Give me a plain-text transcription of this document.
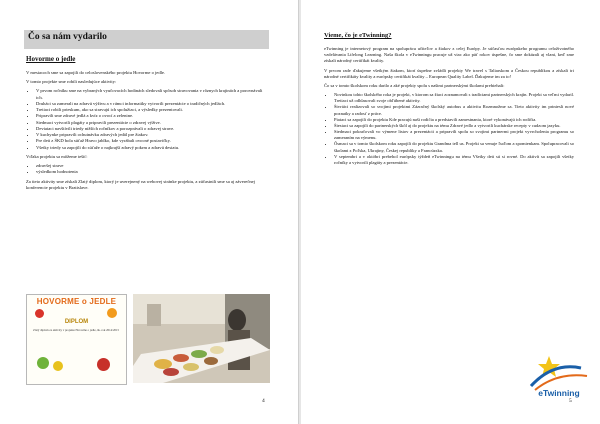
Čo sa nám vydarilo

Hovorme o jedle

V mesiacoch sme sa zapojili do celoslovenského projektu Hovorme o jedle.

V tomto projekte sme robili nasledujúce aktivity:

• V prvom ročníku sme na vybraných vyučovacích hodinách sledovali spôsob stravovania v rôznych krajinách a porovnávali ich.
• Druháci sa zamerali na zdravú výživu a v rámci informatiky vytvorili prezentácie o tradičných jedlách.
• Tretiaci robili prieskum, ako sa stravujú ich spolužiaci, a výsledky prezentovali.
• Pripravili sme zdravé jedlá a kvíz o ovocí a zelenine.
• Siedmaci vytvorili plagáty a pripravili prezentácie o zdravej výžive.
• Deviataci navštívili triedy nižších ročníkov a porozprávali o zdravej strave.
• V kuchynke pripravili ochutnávku zdravých jedál pre žiakov.
• Pre deti z ŠKD bola súťaž Hravo jablko, kde vyrábali ovocné postavičky.
• Všetky triedy sa zapojili do súťaže o najkrajší zdravý pokrm a zdravú desiatu.

Vďaka projektu sa môžeme tešiť:

• zdravšej strave
• výsledkom hodnotenia

Za tieto aktivity sme získali Zlatý diplom, ktorý je uverejnený na webovej stránke projektu, a zúčastnili sme sa aj záverečnej konferencie projektu v Bratislave.

HOVORME o JEDLE
DIPLOM
Zlatý diplom za aktivity v projekte Hovorme o jedle, šk. rok 2014/2015
4

Vieme, čo je eTwinning?

eTwinning je internetový program na spoluprácu učiteľov a žiakov z celej Európy. Je súčasťou európskeho programu celoživotného vzdelávania Lifelong Learning. Naša škola v eTwinningu pracuje už viac ako päť rokov úspešne, čo sme dokázali aj vlani, keď sme získali národný certifikát kvality.

V prvom rade ďakujeme všetkým žiakom, ktorí úspešne zvládli projekty We travel s Taliarskom a Českou republikou a získali tri národné certifikáty kvality a európsky certifikát kvality – European Quality Label. Ďakujeme im za to!

Čo sa v tomto školskom roku darilo a aké projekty spolu s našimi partnerskými školami prebiehali:

• Novinkou tohto školského roka je projekt, v ktorom sa žiaci zoznamovali s tradíciami partnerských krajín. Projekt sa veľmi vydaril. Tretiaci už odhlasovali svoje obľúbené aktivity.
• Štvrtáci realizovali so svojimi projektmi Zázračný školský autobus a aktivitu Rozmnožme sa. Tieto aktivity im priniesli nové poznatky a radosť z práce.
• Piataci sa zapojili do projektu Kde pracujú naši rodičia a predstavili zamestnania, ktoré vykonávajú ich rodičia.
• Šiestaci sa zapojili do partnerských škôl aj do projektu na tému Zdravé jedlo a vytvorili kuchárske recepty v cudzom jazyku.
• Siedmaci pokračovali vo výmene listov a prezentácii a pripravili spolu so svojimi partnermi projekt vyvrcholenia programu so zameraním na výmenu.
• Ôsmaci sa v tomto školskom roku zapojili do projektu Grandma tell us. Projekt sa venuje ľuďom a spomienkam. Spolupracovali so školami z Poľska, Ukrajiny, Českej republiky a Francúzska.
• V septembri a v októbri prebehol európsky týždeň eTwinningu na tému Všetky deti sú si rovné. Do aktivít sa zapojili všetky ročníky a vytvorili plagáty a prezentácie.
eTwinning
5
